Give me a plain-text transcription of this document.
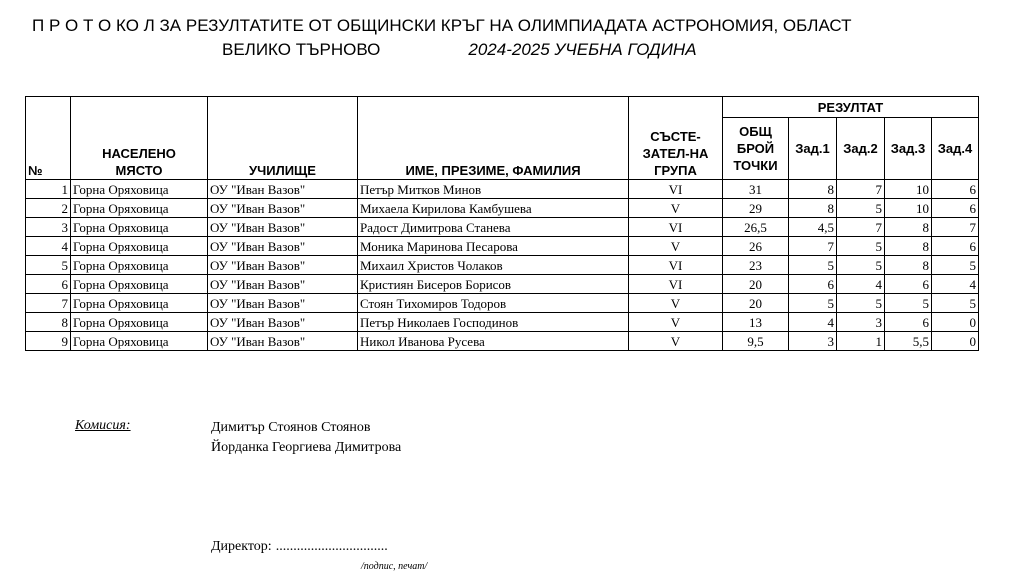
П Р О Т О КО Л ЗА РЕЗУЛТАТИТЕ ОТ ОБЩИНСКИ КРЪГ НА ОЛИМПИАДАТА АСТРОНОМИЯ, ОБЛАСТ
ВЕЛИКО ТЪРНОВО	2024-2025 УЧЕБНА ГОДИНА
№	НАСЕЛЕНО МЯСТО	УЧИЛИЩЕ	ИМЕ, ПРЕЗИМЕ, ФАМИЛИЯ	СЪСТЕ-ЗАТЕЛ-НА ГРУПА	РЕЗУЛТАТ				
					ОБЩ БРОЙ ТОЧКИ	Зад.1	Зад.2	Зад.3	Зад.4
1	Горна Оряховица	ОУ "Иван Вазов"	Петър Митков Минов	VI	31	8	7	10	6
2	Горна Оряховица	ОУ "Иван Вазов"	Михаела Кирилова Камбушева	V	29	8	5	10	6
3	Горна Оряховица	ОУ "Иван Вазов"	Радост Димитрова Станева	VI	26,5	4,5	7	8	7
4	Горна Оряховица	ОУ "Иван Вазов"	Моника Маринова Песарова	V	26	7	5	8	6
5	Горна Оряховица	ОУ "Иван Вазов"	Михаил Христов Чолаков	VI	23	5	5	8	5
6	Горна Оряховица	ОУ "Иван Вазов"	Кристиян Бисеров Борисов	VI	20	6	4	6	4
7	Горна Оряховица	ОУ "Иван Вазов"	Стоян Тихомиров Тодоров	V	20	5	5	5	5
8	Горна Оряховица	ОУ "Иван Вазов"	Петър Николаев Господинов	V	13	4	3	6	0
9	Горна Оряховица	ОУ "Иван Вазов"	Никол Иванова Русева	V	9,5	3	1	5,5	0
Комисия:	Димитър Стоянов Стоянов
Йорданка Георгиева Димитрова
Директор: ................................
/подпис, печат/
